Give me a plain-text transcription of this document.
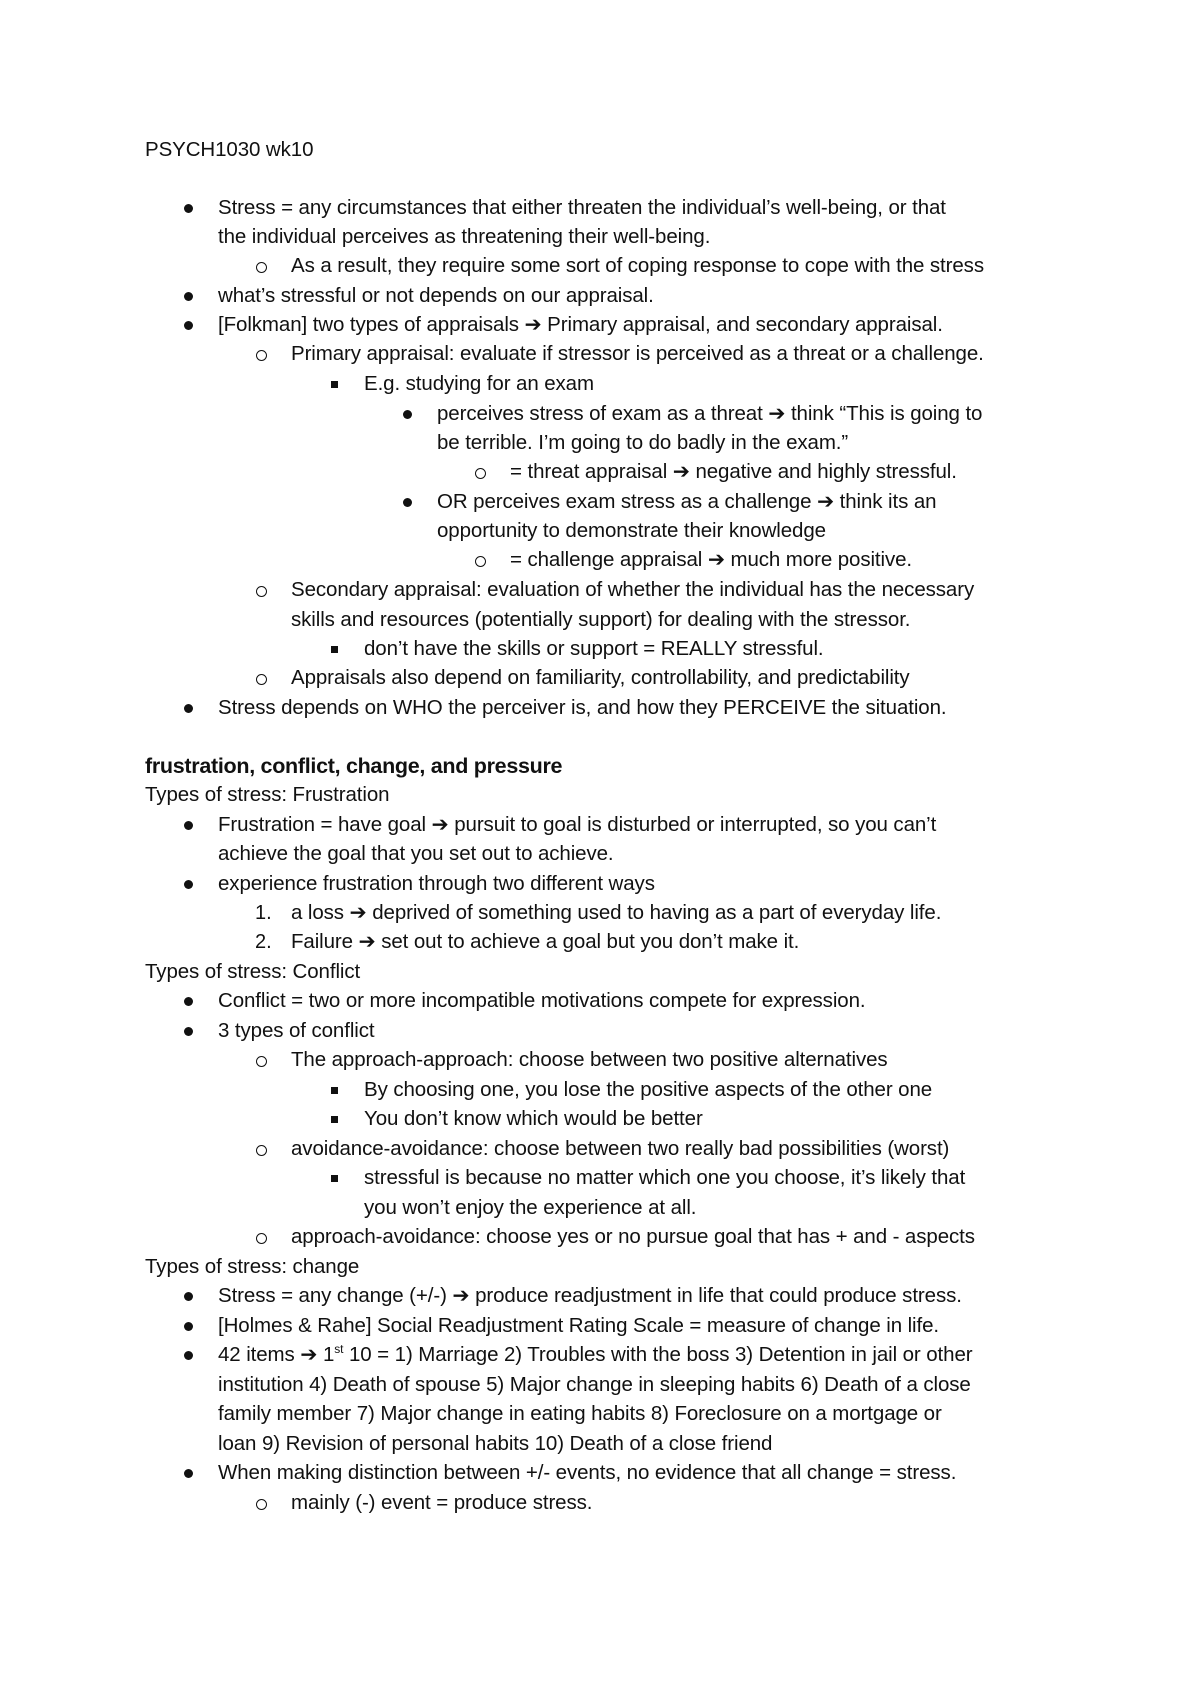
PSYCH1030 wk10
Stress = any circumstances that either threaten the individual’s well-being, or that
the individual perceives as threatening their well-being.
As a result, they require some sort of coping response to cope with the stress
what’s stressful or not depends on our appraisal.
[Folkman] two types of appraisals ➔ Primary appraisal, and secondary appraisal.
Primary appraisal: evaluate if stressor is perceived as a threat or a challenge.
E.g. studying for an exam
perceives stress of exam as a threat ➔ think “This is going to
be terrible. I’m going to do badly in the exam.”
= threat appraisal ➔ negative and highly stressful.
OR perceives exam stress as a challenge ➔ think its an
opportunity to demonstrate their knowledge
= challenge appraisal ➔ much more positive.
Secondary appraisal: evaluation of whether the individual has the necessary
skills and resources (potentially support) for dealing with the stressor.
don’t have the skills or support = REALLY stressful.
Appraisals also depend on familiarity, controllability, and predictability
Stress depends on WHO the perceiver is, and how they PERCEIVE the situation.
frustration, conflict, change, and pressure
Types of stress: Frustration
Frustration = have goal ➔ pursuit to goal is disturbed or interrupted, so you can’t
achieve the goal that you set out to achieve.
experience frustration through two different ways
1. a loss ➔ deprived of something used to having as a part of everyday life.
2. Failure ➔ set out to achieve a goal but you don’t make it.
Types of stress: Conflict
Conflict = two or more incompatible motivations compete for expression.
3 types of conflict
The approach-approach: choose between two positive alternatives
By choosing one, you lose the positive aspects of the other one
You don’t know which would be better
avoidance-avoidance: choose between two really bad possibilities (worst)
stressful is because no matter which one you choose, it’s likely that
you won’t enjoy the experience at all.
approach-avoidance: choose yes or no pursue goal that has + and - aspects
Types of stress: change
Stress = any change (+/-) ➔ produce readjustment in life that could produce stress.
[Holmes & Rahe] Social Readjustment Rating Scale = measure of change in life.
42 items ➔ 1st 10 = 1) Marriage 2) Troubles with the boss 3) Detention in jail or other
institution 4) Death of spouse 5) Major change in sleeping habits 6) Death of a close
family member 7) Major change in eating habits 8) Foreclosure on a mortgage or
loan 9) Revision of personal habits 10) Death of a close friend
When making distinction between +/- events, no evidence that all change = stress.
mainly (-) event = produce stress.
